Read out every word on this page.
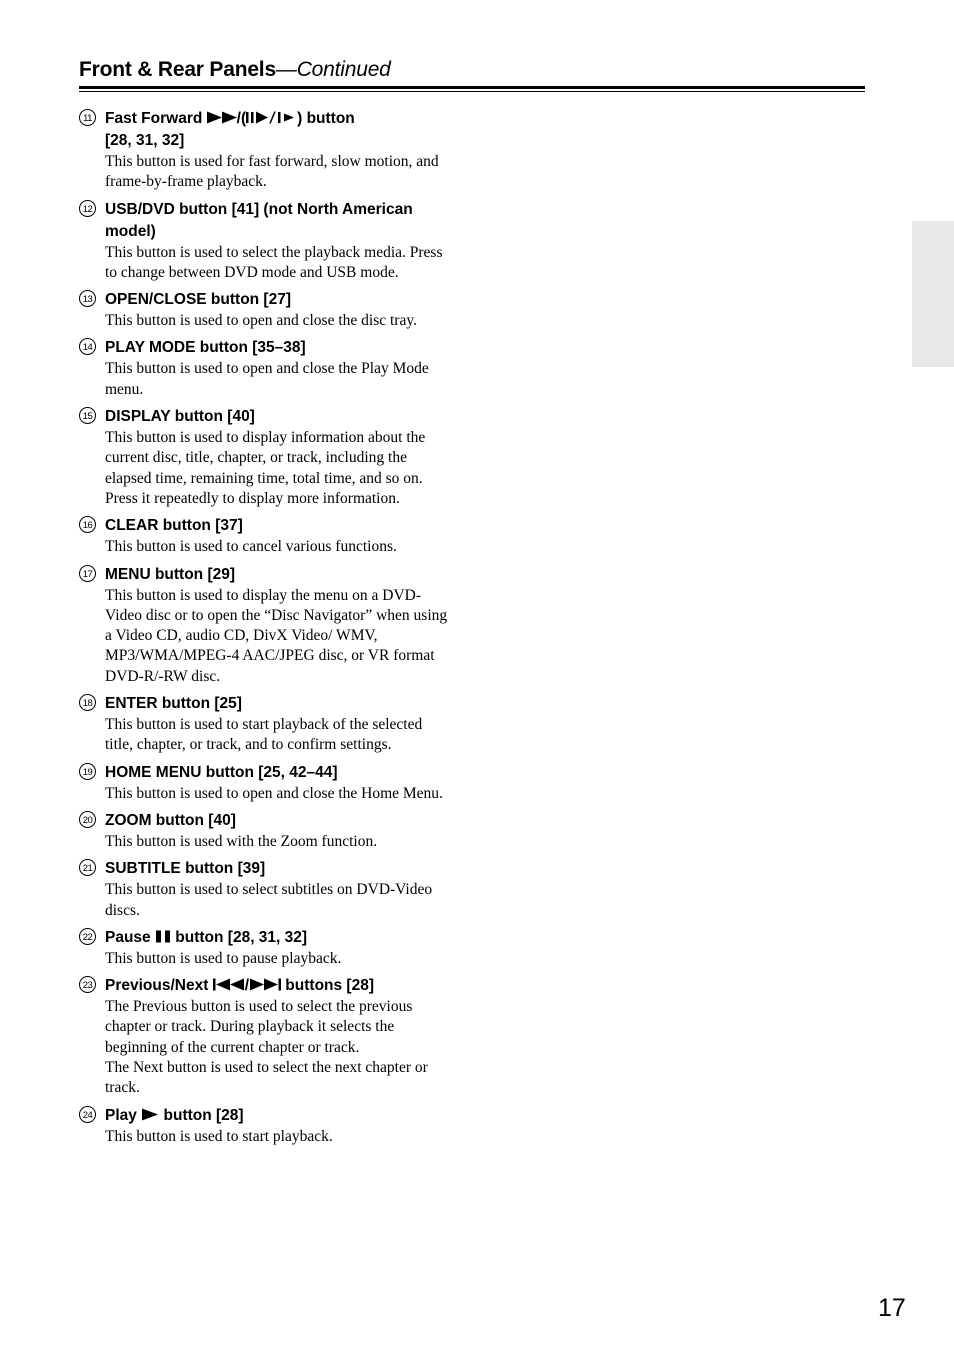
Front & Rear Panels—Continued
11 Fast Forward /(	) button
[28, 31, 32]

This button is used for fast forward, slow motion, and frame-by-frame playback.

12 USB/DVD button [41] (not North American model)

This button is used to select the playback media. Press to change between DVD mode and USB mode.

13 OPEN/CLOSE button [27]

This button is used to open and close the disc tray.

14 PLAY MODE button [35–38]

This button is used to open and close the Play Mode menu.

15 DISPLAY button [40]

This button is used to display information about the current disc, title, chapter, or track, including the elapsed time, remaining time, total time, and so on. Press it repeatedly to display more information.

16 CLEAR button [37]

This button is used to cancel various functions.

17 MENU button [29]

This button is used to display the menu on a DVD-Video disc or to open the “Disc Navigator” when using a Video CD, audio CD, DivX Video/ WMV, MP3/WMA/MPEG-4 AAC/JPEG disc, or VR format DVD-R/-RW disc.

18 ENTER button [25]

This button is used to start playback of the selected title, chapter, or track, and to confirm settings.

19 HOME MENU button [25, 42–44]

This button is used to open and close the Home Menu.

20 ZOOM button [40]

This button is used with the Zoom function.

21 SUBTITLE button [39]

This button is used to select subtitles on DVD-Video discs.

22 Pause  button [28, 31, 32]

This button is used to pause playback.

23 Previous/Next / buttons [28]

The Previous button is used to select the previous chapter or track. During playback it selects the beginning of the current chapter or track.

The Next button is used to select the next chapter or track.

24 Play  button [28]

This button is used to start playback.

17
